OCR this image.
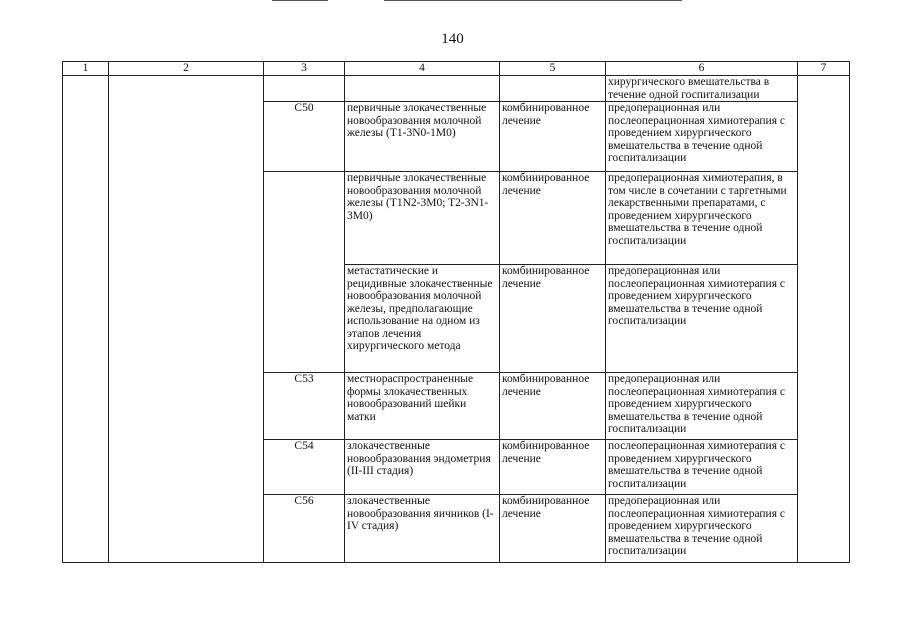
140
1	2	3	4	5	6	7
					хирургического вмешательства в течение одной госпитализации	
		C50	первичные злокачественные новообразования молочной железы (T1-3N0-1M0)	комбинированное лечение	предоперационная или послеоперационная химиотерапия с проведением хирургического вмешательства в течение одной госпитализации	
			первичные злокачественные новообразования молочной железы (T1N2-3M0; T2-3N1-3M0)	комбинированное лечение	предоперационная химиотерапия, в том числе в сочетании с таргетными лекарственными препаратами, с проведением хирургического вмешательства в течение одной госпитализации	
			метастатические и рецидивные злокачественные новообразования молочной железы, предполагающие использование на одном из этапов лечения хирургического метода	комбинированное лечение	предоперационная или послеоперационная химиотерапия с проведением хирургического вмешательства в течение одной госпитализации	
		C53	местнораспространенные формы злокачественных новообразований шейки матки	комбинированное лечение	предоперационная или послеоперационная химиотерапия с проведением хирургического вмешательства в течение одной госпитализации	
		C54	злокачественные новообразования эндометрия (II-III стадия)	комбинированное лечение	послеоперационная химиотерапия с проведением хирургического вмешательства в течение одной госпитализации	
		C56	злокачественные новообразования яичников (I-IV стадия)	комбинированное лечение	предоперационная или послеоперационная химиотерапия с проведением хирургического вмешательства в течение одной госпитализации	
